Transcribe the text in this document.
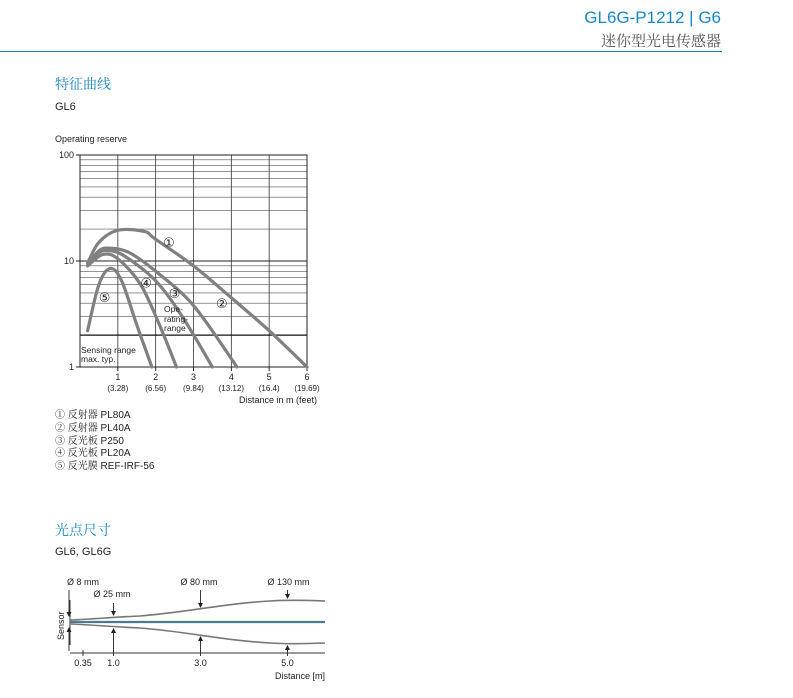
GL6G-P1212 | G6
迷你型光电传感器
特征曲线
GL6
Operating reserve
①
②
③
④
⑤
100
10
1
1
(3.28)
2
(6.56)
3
(9.84)
4
(13.12)
5
(16.4)
6
(19.69)
Distance in m (feet)
Sensing range
max. typ.
Ope-
rating-
range
Sensor
0.35 1.0	3.0	5.0
Distance [m]
Ø 8 mm
Ø 25 mm
Ø 80 mm	Ø 130 mm
光点尺寸
GL6, GL6G
① 反射器 PL80A
② 反射器 PL40A
③ 反光板 P250
④ 反光板 PL20A
⑤ 反光膜 REF-IRF-56
